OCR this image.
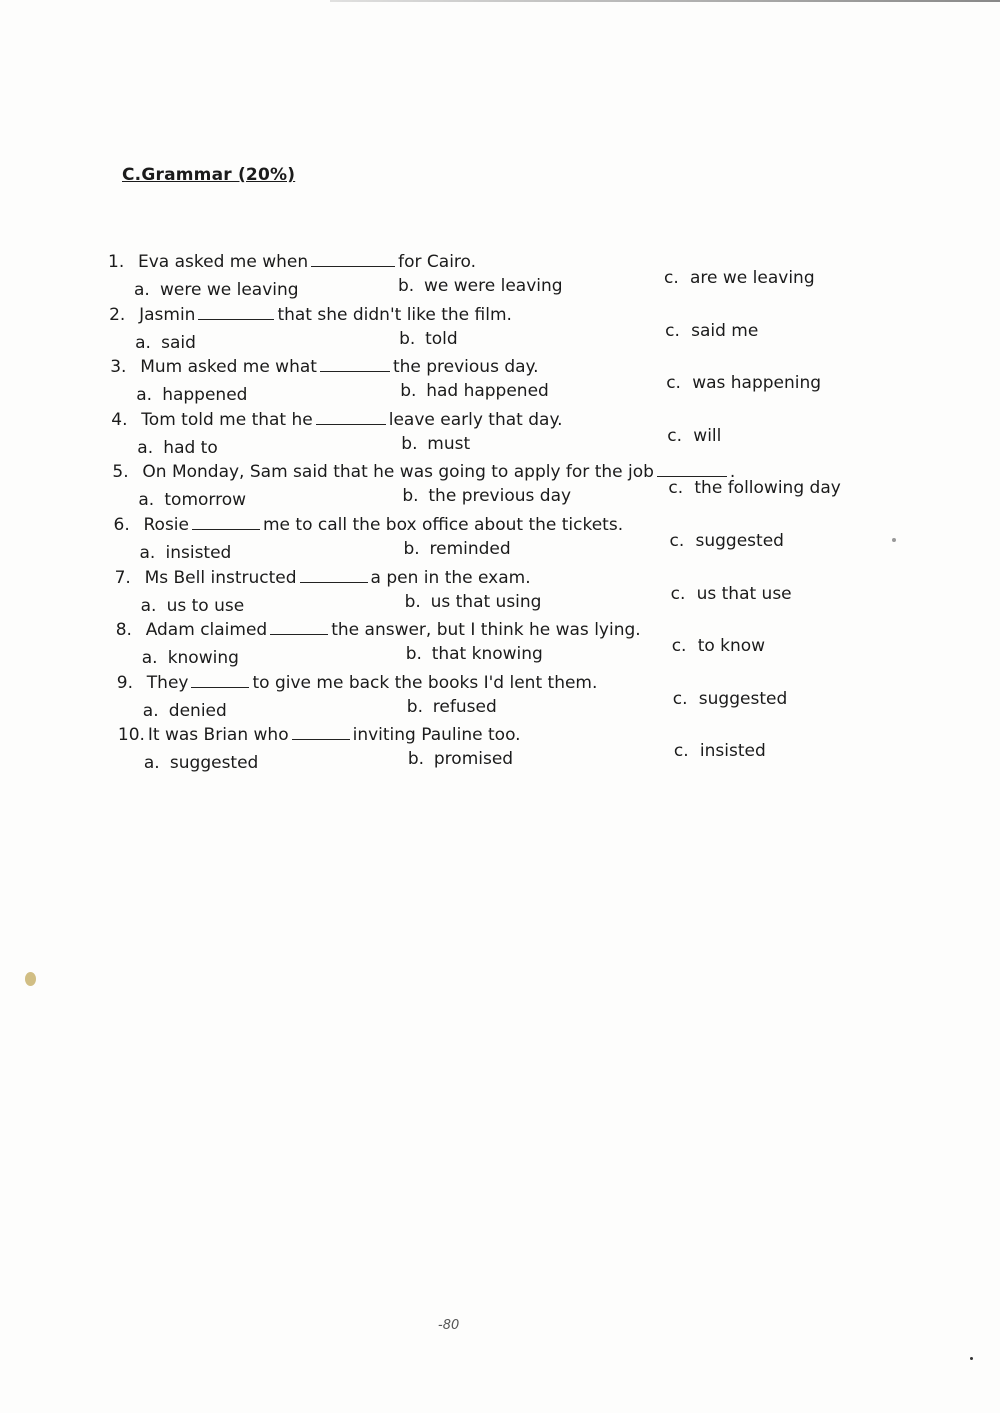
C.Grammar (20%)
1. Eva asked me when	for Cairo.
a. were we leaving	b. we were leaving	c. are we leaving
2. Jasmin	that she didn't like the film.
a. said	b. told	c. said me
3. Mum asked me what	the previous day.
a. happened	b. had happened	c. was happening
4. Tom told me that he	leave early that day.
a. had to	b. must	c. will
5. On Monday, Sam said that he was going to apply for the job	.
a. tomorrow	b. the previous day	c. the following day
6. Rosie	me to call the box office about the tickets.
a. insisted	b. reminded	c. suggested
7. Ms Bell instructed	a pen in the exam.
a. us to use	b. us that using	c. us that use
8. Adam claimed	the answer, but I think he was lying.
a. knowing	b. that knowing	c. to know
9. They	to give me back the books I'd lent them.
a. denied	b. refused	c. suggested
10. It was Brian who	inviting Pauline too.
a. suggested	b. promised	c. insisted
-80
